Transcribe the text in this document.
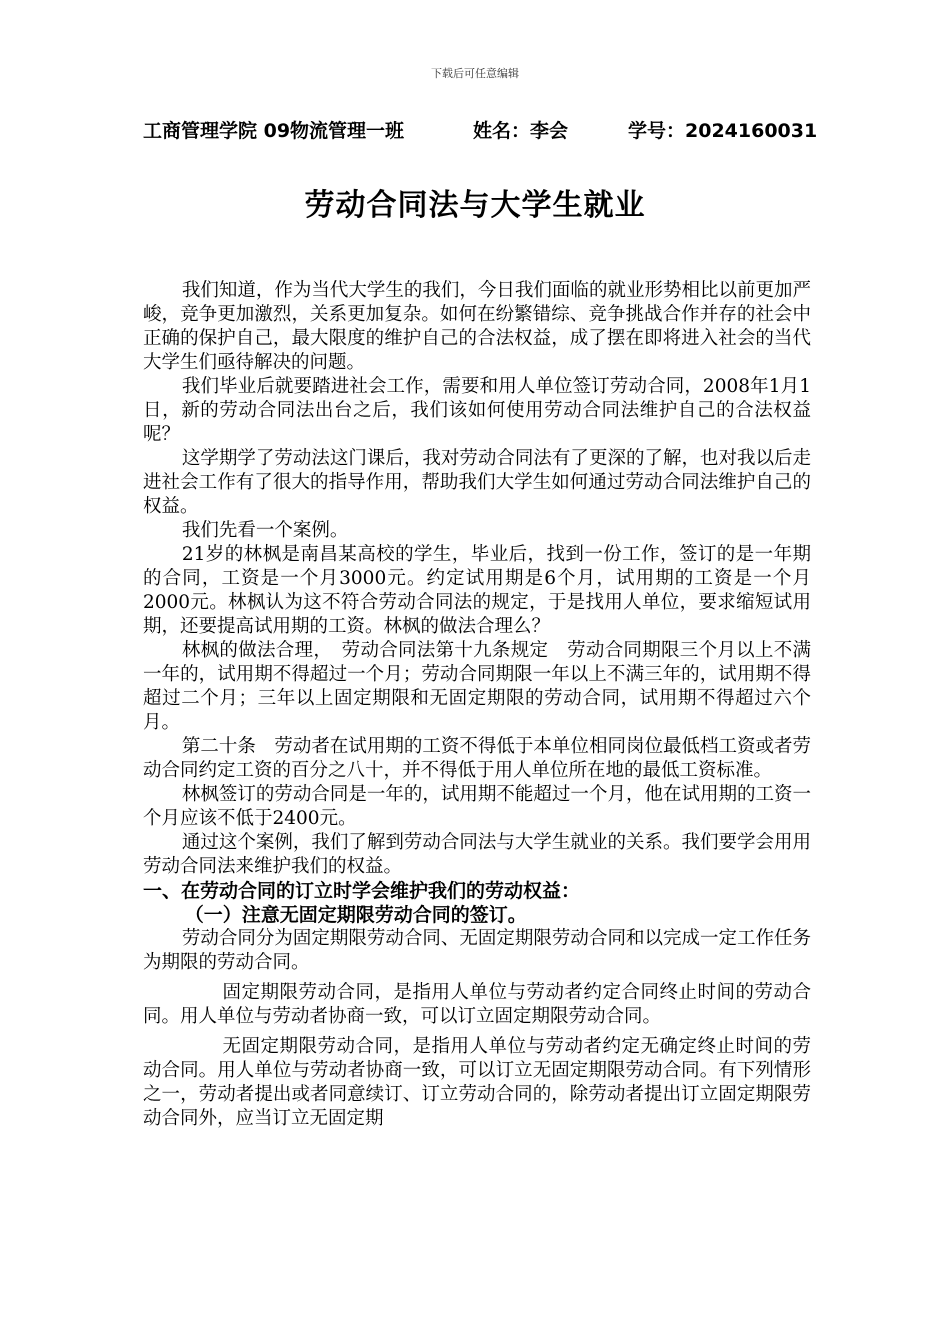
下载后可任意编辑
工商管理学院 09物流管理一班	姓名：李会	学号：2024160031
劳动合同法与大学生就业

我们知道，作为当代大学生的我们，今日我们面临的就业形势相比以前更加严峻，竞争更加激烈，关系更加复杂。如何在纷繁错综、竞争挑战合作并存的社会中正确的保护自己，最大限度的维护自己的合法权益，成了摆在即将进入社会的当代大学生们亟待解决的问题。

我们毕业后就要踏进社会工作，需要和用人单位签订劳动合同，2008年1月1日，新的劳动合同法出台之后，我们该如何使用劳动合同法维护自己的合法权益呢？

这学期学了劳动法这门课后，我对劳动合同法有了更深的了解，也对我以后走进社会工作有了很大的指导作用，帮助我们大学生如何通过劳动合同法维护自己的权益。

我们先看一个案例。

21岁的林枫是南昌某高校的学生，毕业后，找到一份工作，签订的是一年期的合同，工资是一个月3000元。约定试用期是6个月，试用期的工资是一个月2000元。林枫认为这不符合劳动合同法的规定，于是找用人单位，要求缩短试用期，还要提高试用期的工资。林枫的做法合理么？

林枫的做法合理，　劳动合同法第十九条规定　劳动合同期限三个月以上不满一年的，试用期不得超过一个月；劳动合同期限一年以上不满三年的，试用期不得超过二个月；三年以上固定期限和无固定期限的劳动合同，试用期不得超过六个月。

第二十条　劳动者在试用期的工资不得低于本单位相同岗位最低档工资或者劳动合同约定工资的百分之八十，并不得低于用人单位所在地的最低工资标准。

林枫签订的劳动合同是一年的，试用期不能超过一个月，他在试用期的工资一个月应该不低于2400元。

通过这个案例，我们了解到劳动合同法与大学生就业的关系。我们要学会用用劳动合同法来维护我们的权益。

一、在劳动合同的订立时学会维护我们的劳动权益：

（一）注意无固定期限劳动合同的签订。

劳动合同分为固定期限劳动合同、无固定期限劳动合同和以完成一定工作任务为期限的劳动合同。

固定期限劳动合同，是指用人单位与劳动者约定合同终止时间的劳动合同。用人单位与劳动者协商一致，可以订立固定期限劳动合同。

无固定期限劳动合同，是指用人单位与劳动者约定无确定终止时间的劳动合同。用人单位与劳动者协商一致，可以订立无固定期限劳动合同。有下列情形之一，劳动者提出或者同意续订、订立劳动合同的，除劳动者提出订立固定期限劳动合同外，应当订立无固定期
